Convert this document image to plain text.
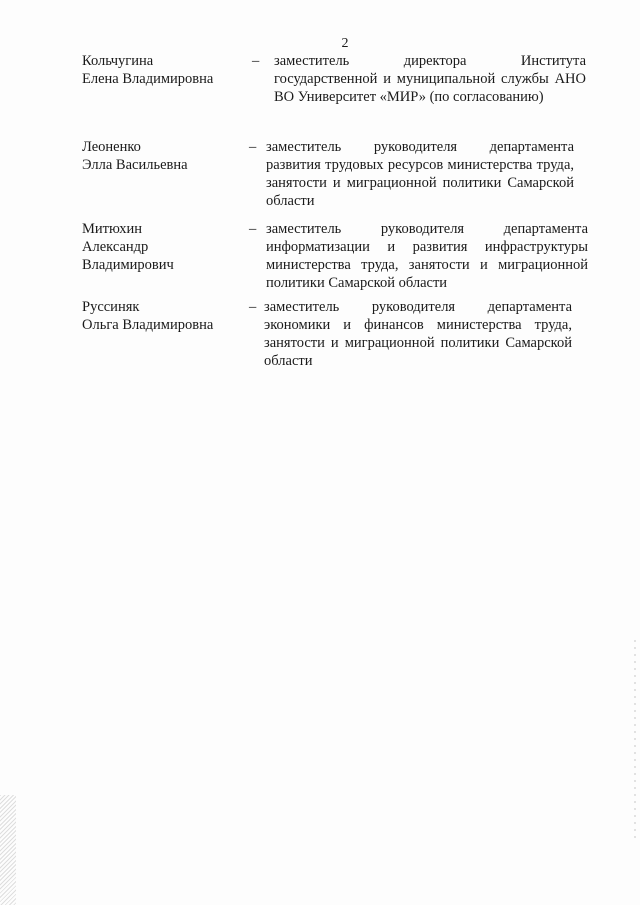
2
Кольчугина
Елена Владимировна
– заместитель директора Института государственной и муниципальной службы АНО ВО Университет «МИР» (по согласованию)
Леоненко
Элла Васильевна
– заместитель руководителя департамента развития трудовых ресурсов министерства труда, занятости и миграционной политики Самарской области
Митюхин
Александр
Владимирович
– заместитель руководителя департамента информатизации и развития инфраструктуры министерства труда, занятости и миграционной политики Самарской области
Руссиняк
Ольга Владимировна
– заместитель руководителя департамента экономики и финансов министерства труда, занятости и миграционной политики Самарской области
